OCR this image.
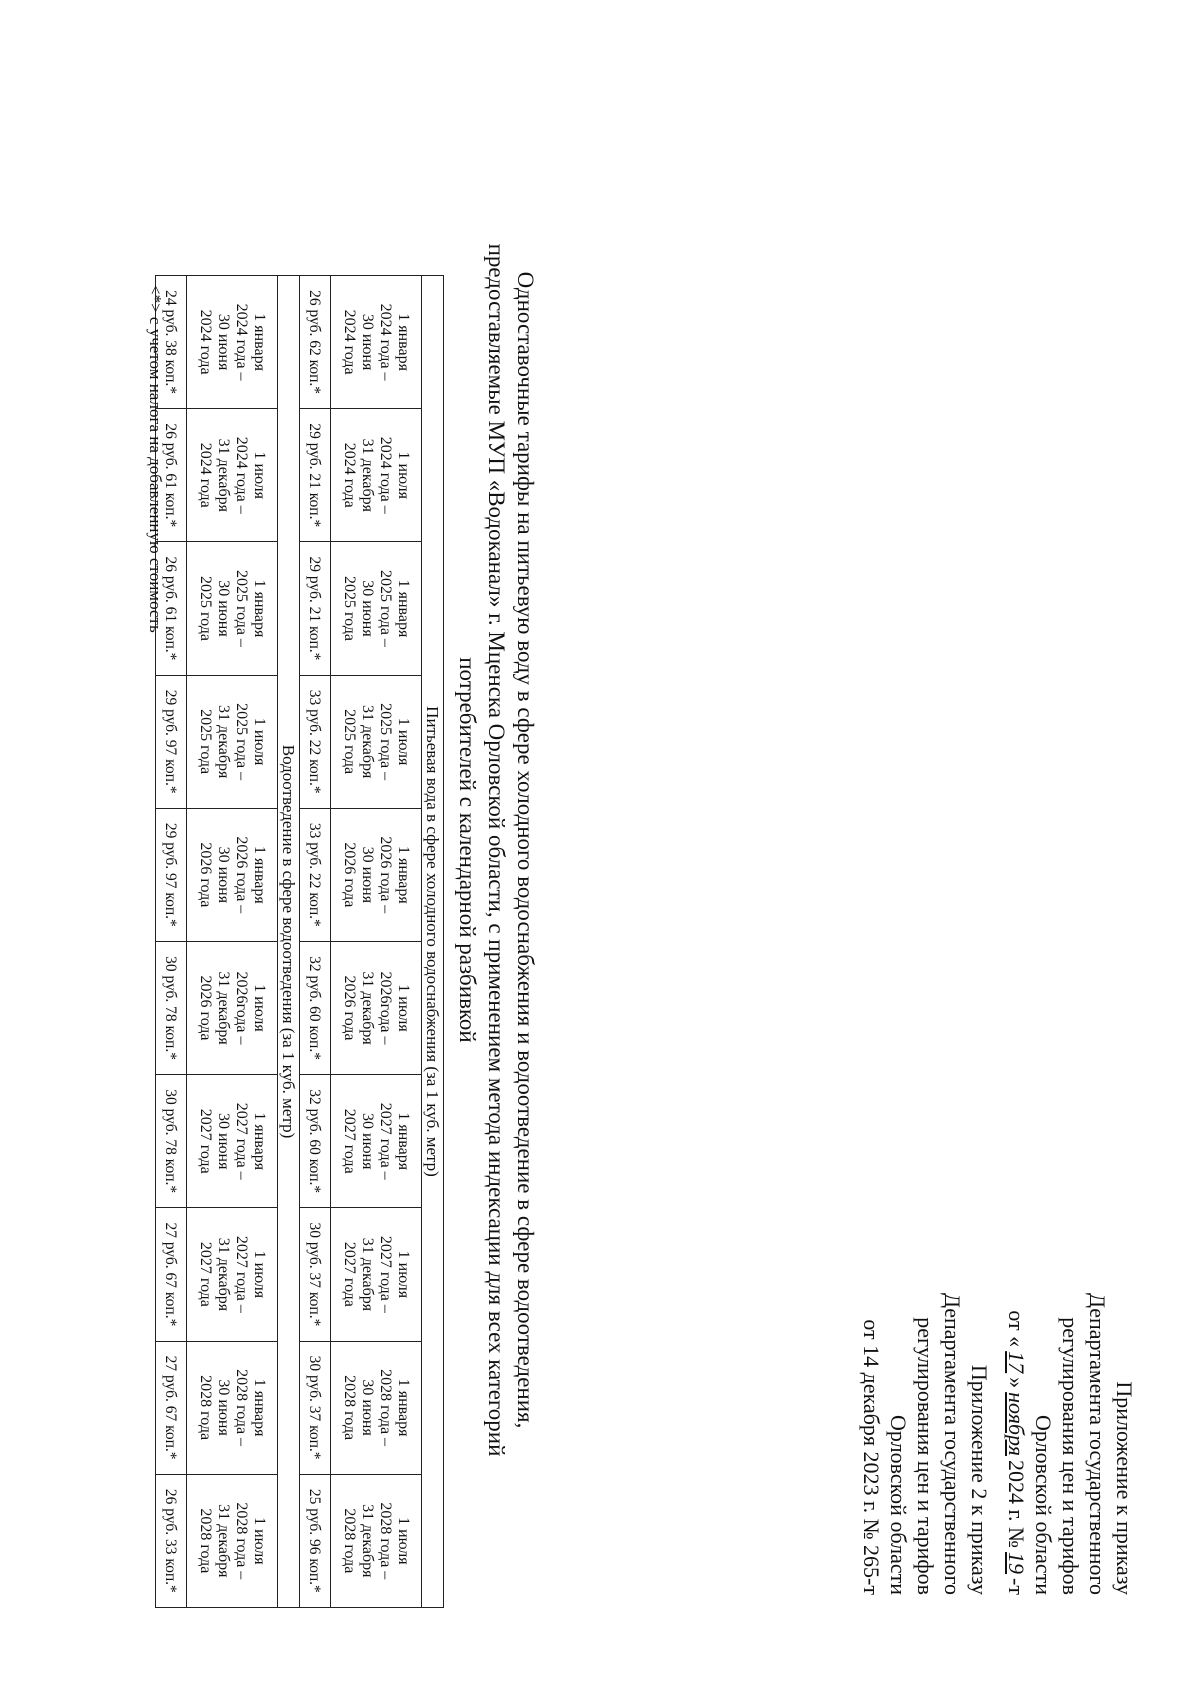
Приложение к приказу
Департамента государственного
регулирования цен и тарифов
Орловской области
от «17»ноября2024 г. №19-т
Приложение 2 к приказу
Департамента государственного
регулирования цен и тарифов
Орловской области
от 14 декабря 2023 г. № 265-т
Одноставочные тарифы на питьевую воду в сфере холодного водоснабжения и водоотведение в сфере водоотведения,
предоставляемые МУП «Водоканал» г. Мценска Орловской области, с применением метода индексации для всех категорий
потребителей с календарной разбивкой
Питьевая вода в сфере холодного водоснабжения (за 1 куб. метр)									

1 января
2024 года –
30 июня
2024 года	1 июля
2024 года –
31 декабря
2024 года	1 января
2025 года –
30 июня
2025 года	1 июля
2025 года –
31 декабря
2025 года	1 января
2026 года –
30 июня
2026 года	1 июля
2026года –
31 декабря
2026 года	1 января
2027 года –
30 июня
2027 года	1 июля
2027 года –
31 декабря
2027 года	1 января
2028 года –
30 июня
2028 года	1 июля
2028 года –
31 декабря
2028 года

26 руб. 62 коп.*	29 руб. 21 коп.*	29 руб. 21 коп.*	33 руб. 22 коп.*	33 руб. 22 коп.*	32 руб. 60 коп.*	32 руб. 60 коп.*	30 руб. 37 коп.*	30 руб. 37 коп.*	25 руб. 96 коп.*
Водоотведение в сфере водоотведения (за 1 куб. метр)									

1 января
2024 года –
30 июня
2024 года	1 июля
2024 года –
31 декабря
2024 года	1 января
2025 года –
30 июня
2025 года	1 июля
2025 года –
31 декабря
2025 года	1 января
2026 года –
30 июня
2026 года	1 июля
2026года –
31 декабря
2026 года	1 января
2027 года –
30 июня
2027 года	1 июля
2027 года –
31 декабря
2027 года	1 января
2028 года –
30 июня
2028 года	1 июля
2028 года –
31 декабря
2028 года

24 руб. 38 коп.*	26 руб. 61 коп.*	26 руб. 61 коп.*	29 руб. 97 коп.*	29 руб. 97 коп.*	30 руб. 78 коп.*	30 руб. 78 коп.*	27 руб. 67 коп.*	27 руб. 67 коп.*	26 руб. 33 коп.*
<*> с учетом налога на добавленную стоимость
